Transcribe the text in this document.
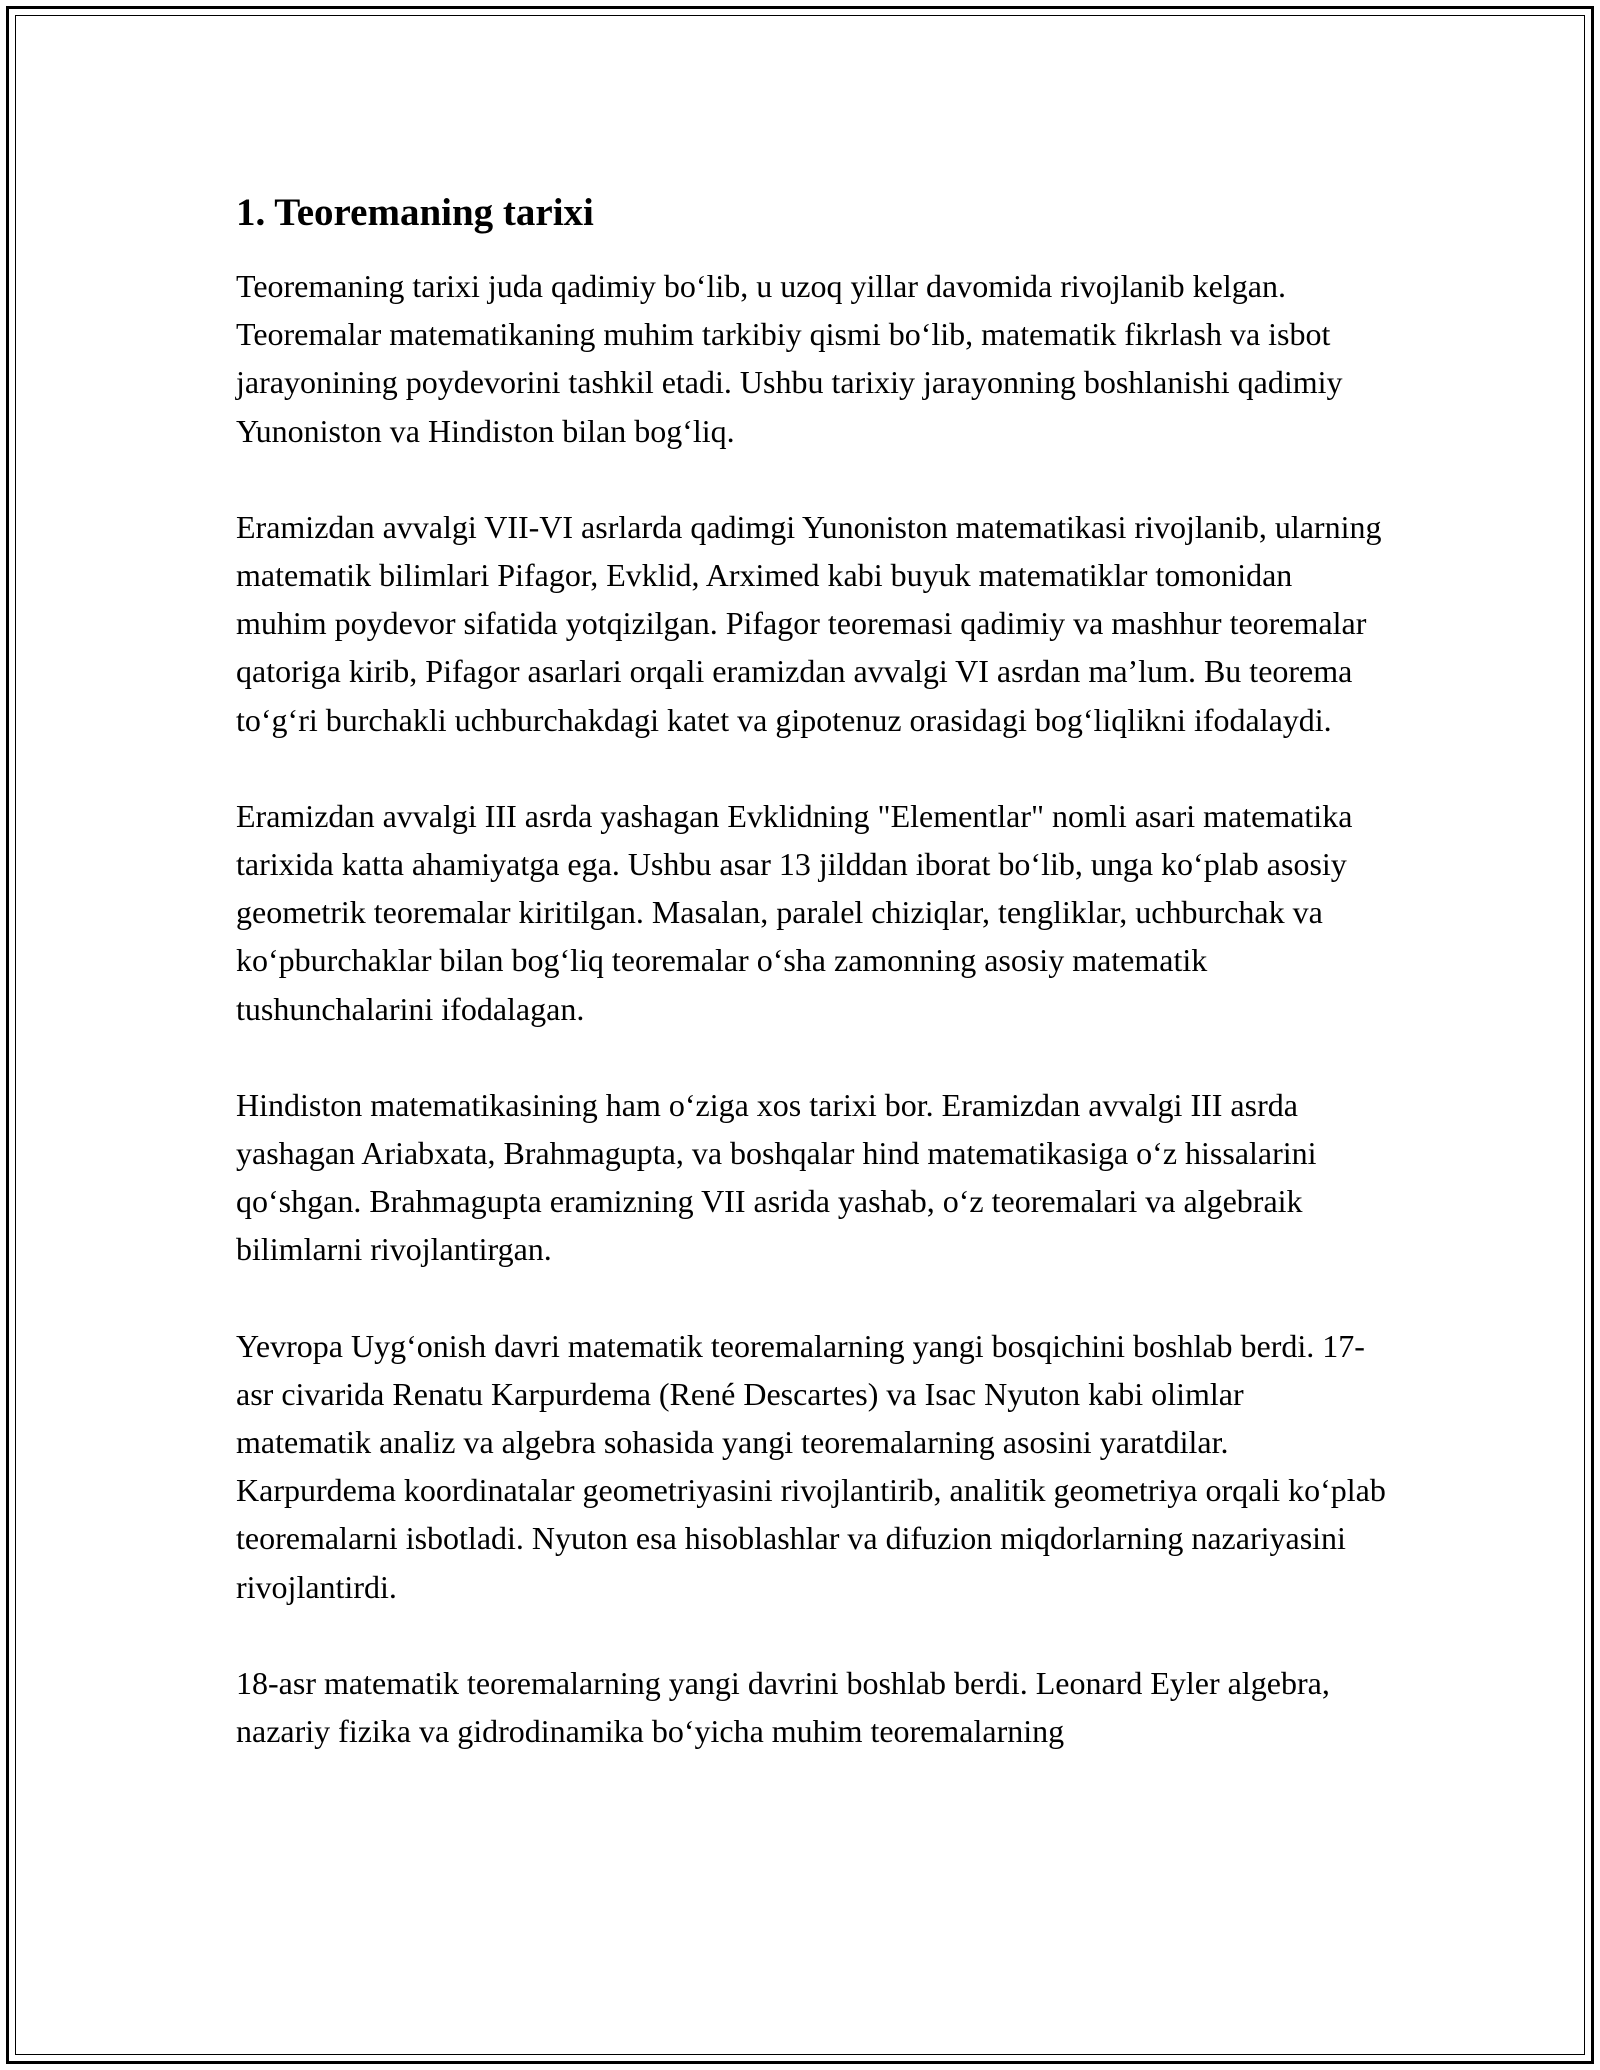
1. Teoremaning tarixi

Teoremaning tarixi juda qadimiy boʻlib, u uzoq yillar davomida rivojlanib kelgan. Teoremalar matematikaning muhim tarkibiy qismi boʻlib, matematik fikrlash va isbot jarayonining poydevorini tashkil etadi. Ushbu tarixiy jarayonning boshlanishi qadimiy Yunoniston va Hindiston bilan bogʻliq.

Eramizdan avvalgi VII-VI asrlarda qadimgi Yunoniston matematikasi rivojlanib, ularning matematik bilimlari Pifagor, Evklid, Arximed kabi buyuk matematiklar tomonidan muhim poydevor sifatida yotqizilgan. Pifagor teoremasi qadimiy va mashhur teoremalar qatoriga kirib, Pifagor asarlari orqali eramizdan avvalgi VI asrdan maʼlum. Bu teorema toʻgʻri burchakli uchburchakdagi katet va gipotenuz orasidagi bogʻliqlikni ifodalaydi.

Eramizdan avvalgi III asrda yashagan Evklidning "Elementlar" nomli asari matematika tarixida katta ahamiyatga ega. Ushbu asar 13 jilddan iborat boʻlib, unga koʻplab asosiy geometrik teoremalar kiritilgan. Masalan, paralel chiziqlar, tengliklar, uchburchak va koʻpburchaklar bilan bogʻliq teoremalar oʻsha zamonning asosiy matematik tushunchalarini ifodalagan.

Hindiston matematikasining ham oʻziga xos tarixi bor. Eramizdan avvalgi III asrda yashagan Ariabxata, Brahmagupta, va boshqalar hind matematikasiga oʻz hissalarini qoʻshgan. Brahmagupta eramizning VII asrida yashab, oʻz teoremalari va algebraik bilimlarni rivojlantirgan.

Yevropa Uygʻonish davri matematik teoremalarning yangi bosqichini boshlab berdi. 17-asr civarida Renatu Karpurdema (René Descartes) va Isac Nyuton kabi olimlar matematik analiz va algebra sohasida yangi teoremalarning asosini yaratdilar. Karpurdema koordinatalar geometriyasini rivojlantirib, analitik geometriya orqali koʻplab teoremalarni isbotladi. Nyuton esa hisoblashlar va difuzion miqdorlarning nazariyasini rivojlantirdi.

18-asr matematik teoremalarning yangi davrini boshlab berdi. Leonard Eyler algebra, nazariy fizika va gidrodinamika boʻyicha muhim teoremalarning
